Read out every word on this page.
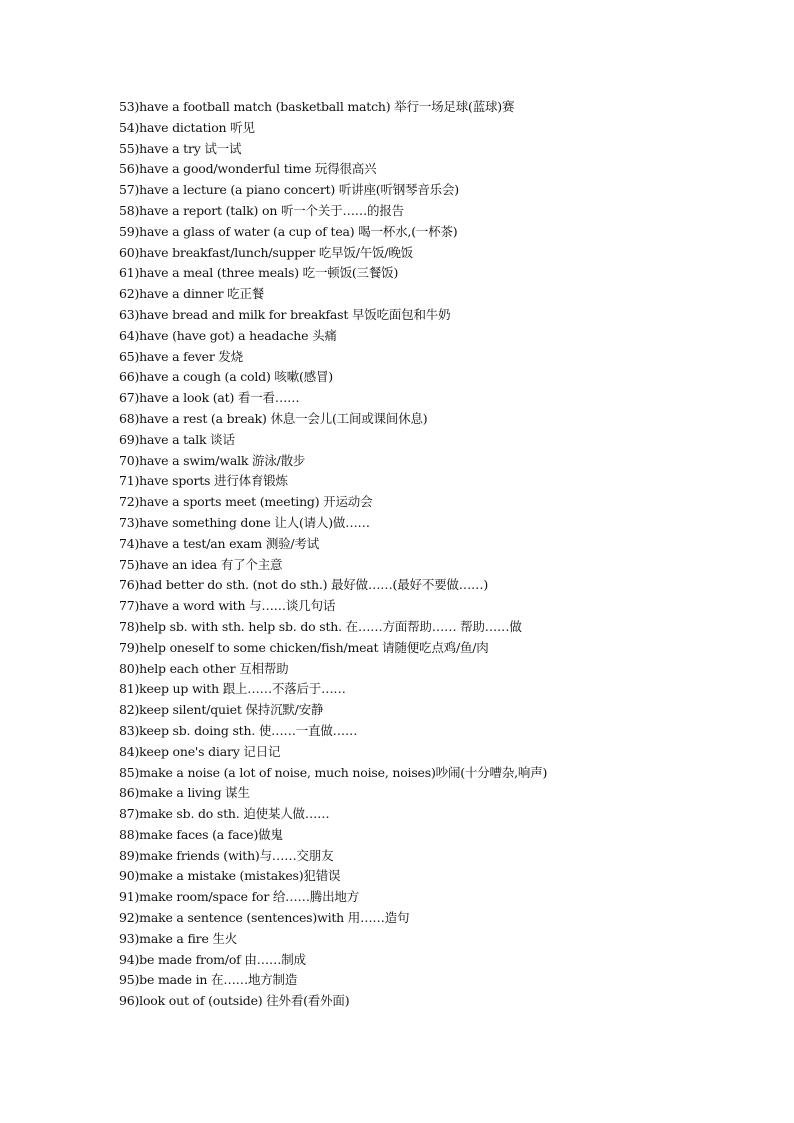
53)have a football match (basketball match) 举行一场足球(蓝球)赛
54)have dictation 听见
55)have a try 试一试
56)have a good/wonderful time 玩得很高兴
57)have a lecture (a piano concert) 听讲座(听钢琴音乐会)
58)have a report (talk) on 听一个关于……的报告
59)have a glass of water (a cup of tea) 喝一杯水,(一杯茶)
60)have breakfast/lunch/supper 吃早饭/午饭/晚饭
61)have a meal (three meals) 吃一顿饭(三餐饭)
62)have a dinner 吃正餐
63)have bread and milk for breakfast 早饭吃面包和牛奶
64)have (have got) a headache 头痛
65)have a fever 发烧
66)have a cough (a cold) 咳嗽(感冒)
67)have a look (at) 看一看……
68)have a rest (a break) 休息一会儿(工间或课间休息)
69)have a talk 谈话
70)have a swim/walk 游泳/散步
71)have sports 进行体育锻炼
72)have a sports meet (meeting) 开运动会
73)have something done 让人(请人)做……
74)have a test/an exam 测验/考试
75)have an idea 有了个主意
76)had better do sth. (not do sth.) 最好做……(最好不要做……)
77)have a word with 与……谈几句话
78)help sb. with sth. help sb. do sth. 在……方面帮助…… 帮助……做
79)help oneself to some chicken/fish/meat 请随便吃点鸡/鱼/肉
80)help each other 互相帮助
81)keep up with 跟上……不落后于……
82)keep silent/quiet 保持沉默/安静
83)keep sb. doing sth. 使……一直做……
84)keep one's diary 记日记
85)make a noise (a lot of noise, much noise, noises)吵闹(十分嘈杂,响声)
86)make a living 谋生
87)make sb. do sth. 迫使某人做……
88)make faces (a face)做鬼
89)make friends (with)与……交朋友
90)make a mistake (mistakes)犯错误
91)make room/space for 给……腾出地方
92)make a sentence (sentences)with 用……造句
93)make a fire 生火
94)be made from/of 由……制成
95)be made in 在……地方制造
96)look out of (outside) 往外看(看外面)
